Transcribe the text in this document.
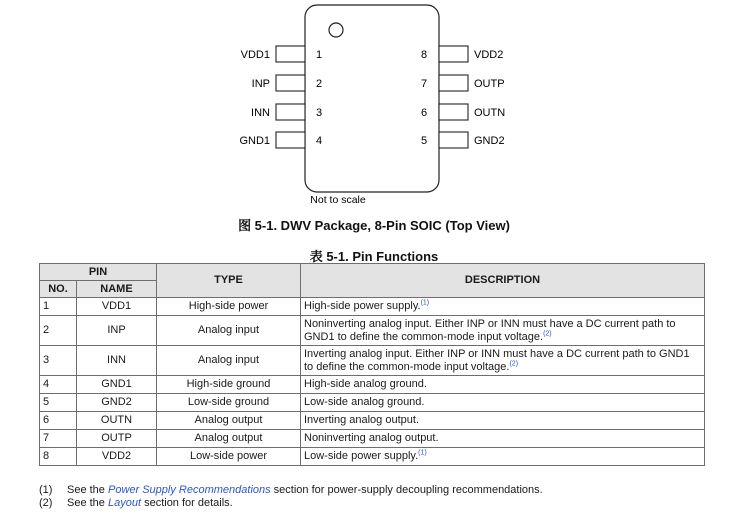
VDD1	1
INP	2
INN	3
GND1	4
VDD2
8
OUTP
7
OUTN
6
GND2
5
Not to scale
图 5-1. DWV Package, 8-Pin SOIC (Top View)
表 5-1. Pin Functions
PIN		TYPE	DESCRIPTION
NO.	NAME		
1	VDD1	High-side power	High-side power supply.$^{(1)}$
2	INP	Analog input	Noninverting analog input. Either INP or INN must have a DC current path to GND1 to define the common-mode input voltage.$^{(2)}$
3	INN	Analog input	Inverting analog input. Either INP or INN must have a DC current path to GND1 to define the common-mode input voltage.$^{(2)}$
4	GND1	High-side ground	High-side analog ground.
5	GND2	Low-side ground	Low-side analog ground.
6	OUTN	Analog output	Inverting analog output.
7	OUTP	Analog output	Noninverting analog output.
8	VDD2	Low-side power	Low-side power supply.$^{(1)}$
(1) See the Power Supply Recommendations section for power-supply decoupling recommendations.
(2) See the Layout section for details.
